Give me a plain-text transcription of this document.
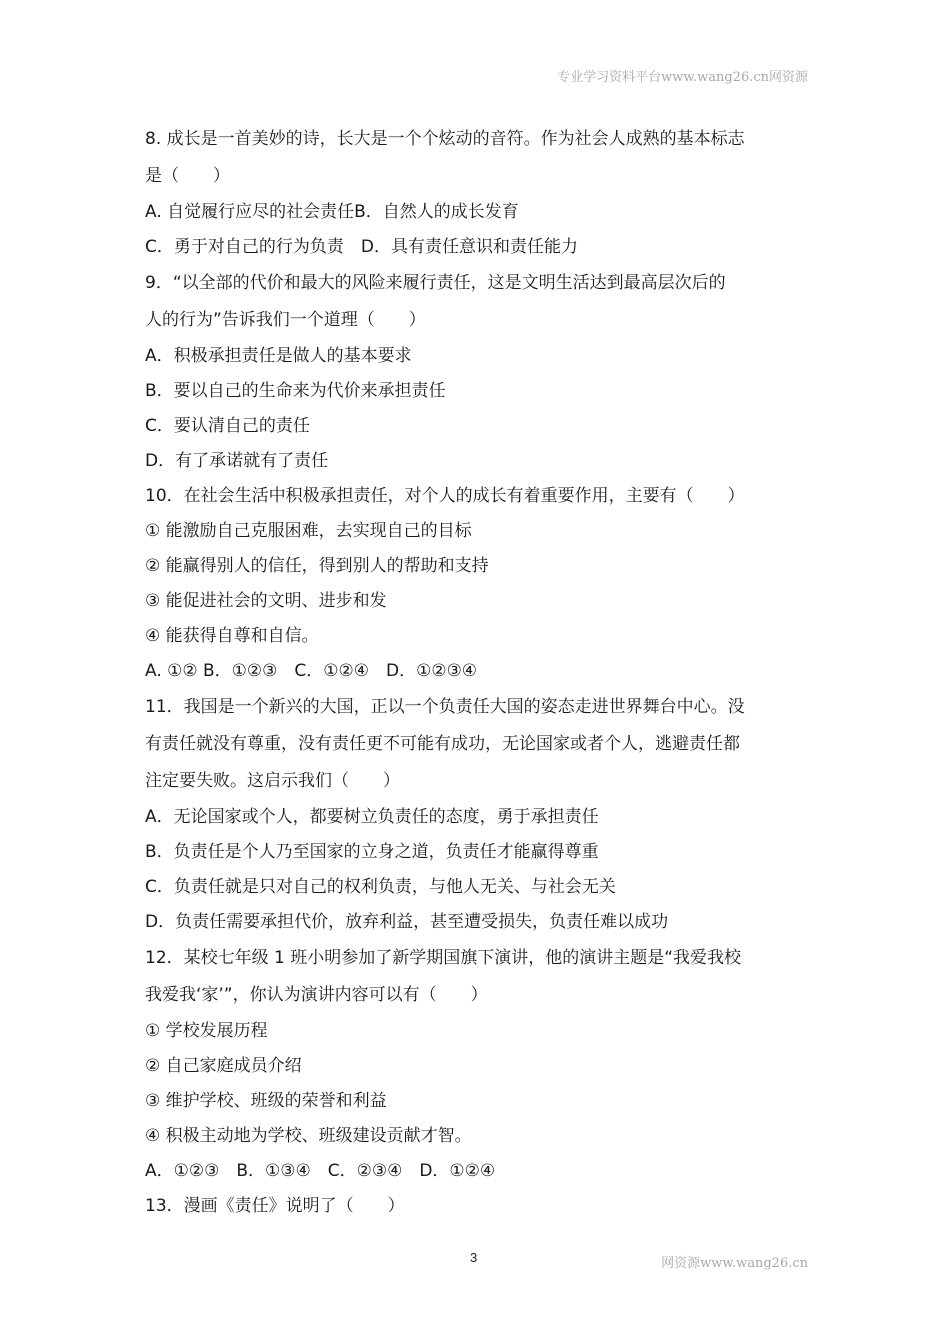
专业学习资料平台www.wang26.cn网资源
8. 成长是一首美妙的诗，长大是一个个炫动的音符。作为社会人成熟的基本标志
是（　　）
A. 自觉履行应尽的社会责任B．自然人的成长发育
C．勇于对自己的行为负责　D．具有责任意识和责任能力
9．“以全部的代价和最大的风险来履行责任，这是文明生活达到最高层次后的
人的行为”告诉我们一个道理（　　）
A．积极承担责任是做人的基本要求
B．要以自己的生命来为代价来承担责任
C．要认清自己的责任
D．有了承诺就有了责任
10．在社会生活中积极承担责任，对个人的成长有着重要作用，主要有（　　）
① 能激励自己克服困难，去实现自己的目标
② 能赢得别人的信任，得到别人的帮助和支持
③ 能促进社会的文明、进步和发
④ 能获得自尊和自信。
A. ①② B．①②③　C．①②④　D．①②③④
11．我国是一个新兴的大国，正以一个负责任大国的姿态走进世界舞台中心。没
有责任就没有尊重，没有责任更不可能有成功，无论国家或者个人，逃避责任都
注定要失败。这启示我们（　　）
A．无论国家或个人，都要树立负责任的态度，勇于承担责任
B．负责任是个人乃至国家的立身之道，负责任才能赢得尊重
C．负责任就是只对自己的权利负责，与他人无关、与社会无关
D．负责任需要承担代价，放弃利益，甚至遭受损失，负责任难以成功
12．某校七年级 1 班小明参加了新学期国旗下演讲，他的演讲主题是“我爱我校
我爱我‘家’”，你认为演讲内容可以有（　　）
① 学校发展历程
② 自己家庭成员介绍
③ 维护学校、班级的荣誉和利益
④ 积极主动地为学校、班级建设贡献才智。
A．①②③　B．①③④　C．②③④　D．①②④
13．漫画《责任》说明了（　　）
3	网资源www.wang26.cn
